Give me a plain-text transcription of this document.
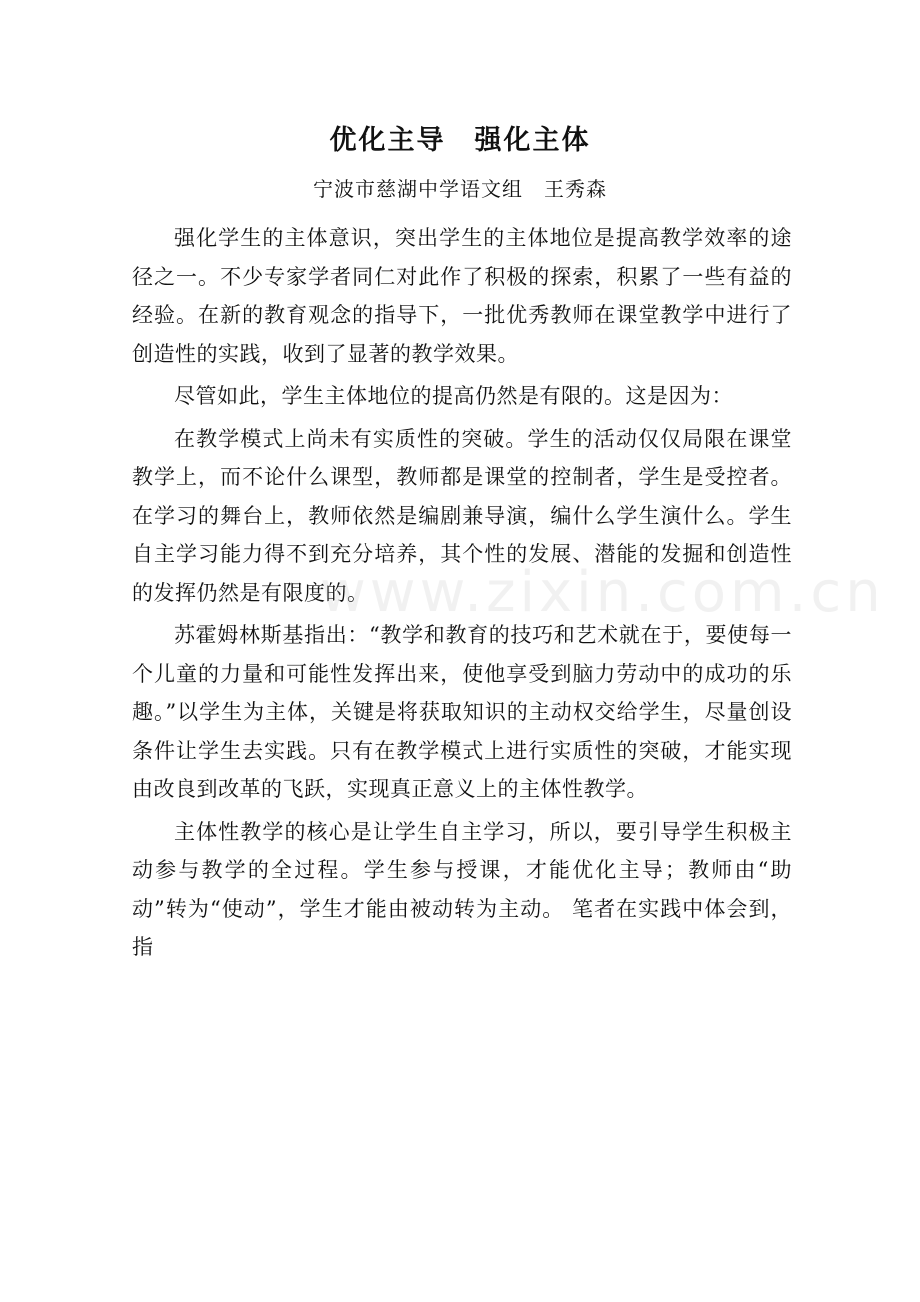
优化主导　强化主体
宁波市慈湖中学语文组　王秀森

强化学生的主体意识，突出学生的主体地位是提高教学效率的途径之一。不少专家学者同仁对此作了积极的探索，积累了一些有益的经验。在新的教育观念的指导下，一批优秀教师在课堂教学中进行了创造性的实践，收到了显著的教学效果。

尽管如此，学生主体地位的提高仍然是有限的。这是因为：

在教学模式上尚未有实质性的突破。学生的活动仅仅局限在课堂教学上，而不论什么课型，教师都是课堂的控制者，学生是受控者。在学习的舞台上，教师依然是编剧兼导演，编什么学生演什么。学生自主学习能力得不到充分培养，其个性的发展、潜能的发掘和创造性的发挥仍然是有限度的。

苏霍姆林斯基指出：“教学和教育的技巧和艺术就在于，要使每一个儿童的力量和可能性发挥出来，使他享受到脑力劳动中的成功的乐趣。”以学生为主体，关键是将获取知识的主动权交给学生，尽量创设条件让学生去实践。只有在教学模式上进行实质性的突破，才能实现由改良到改革的飞跃，实现真正意义上的主体性教学。

主体性教学的核心是让学生自主学习，所以，要引导学生积极主动参与教学的全过程。学生参与授课，才能优化主导；教师由“助动”转为“使动”，学生才能由被动转为主动。 笔者在实践中体会到，指

www.zixin.com.cn
